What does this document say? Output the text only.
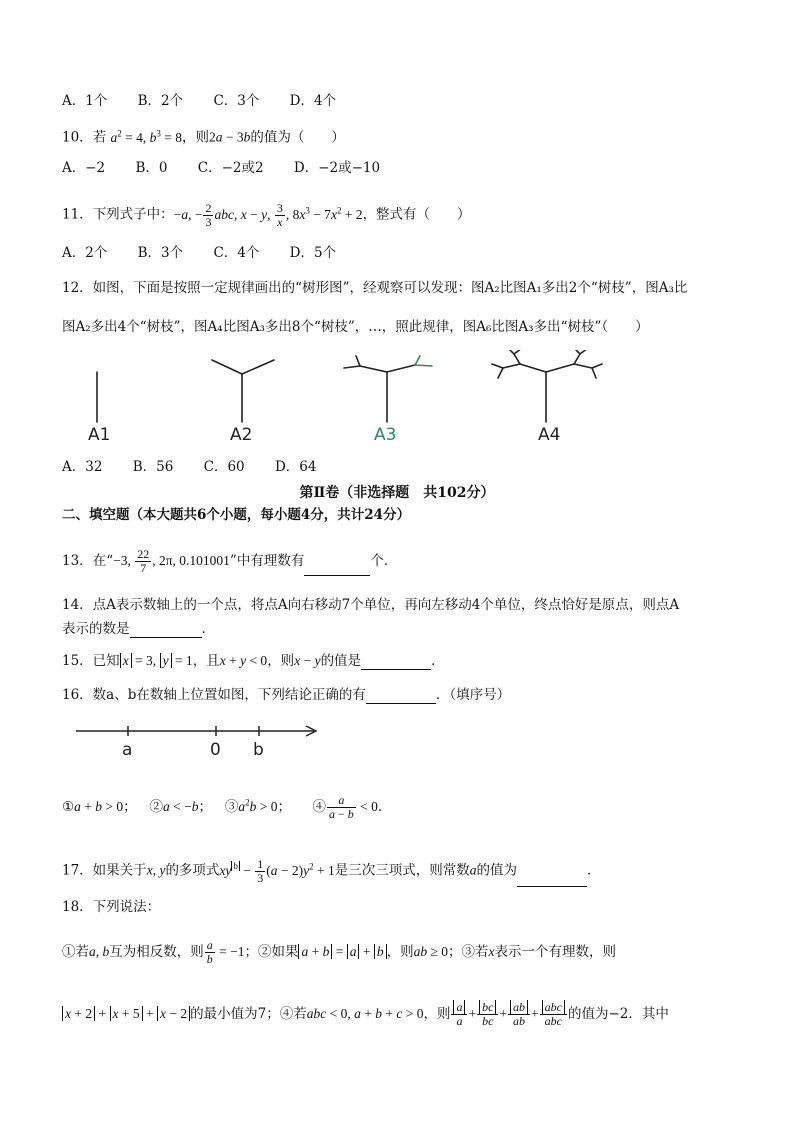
A．1个 B．2个 C．3个 D．4个
10．若 $a^2 = 4$, $b^3 = 8$，则2a − 3b的值为（　　）
A．−2 B．0 C．−2或2 D．−2或−10
11．下列式子中：−a, − $\frac{2}{3}$ abc, x − y, $\frac{3}{x}$ , $8x^3 - 7x^2 + 2$，整式有（　　）
A．2个 B．3个 C．4个 D．5个
12．如图，下面是按照一定规律画出的“树形图”，经观察可以发现：图A₂比图A₁多出2个“树枝”，图A₃比
图A₂多出4个“树枝”，图A₄比图A₃多出8个“树枝”，…，照此规律，图A₆比图A₃多出“树枝”（　　）
A1	A2	A3	A4
A．32 B．56 C．60 D．64
第Ⅱ卷（非选择题　共102分）
二、填空题（本大题共6个小题，每小题4分，共计24分）
13．在“−3, $\frac{22}{7}$ , 2π, 0.101001”中有理数有	个．
14．点A表示数轴上的一个点，将点A向右移动7个单位，再向左移动4个单位，终点恰好是原点，则点A
表示的数是	．
15．已知 x = 3, y = 1，且x + y < 0，则x − y的值是	．
16．数a、b在数轴上位置如图，下列结论正确的有	．（填序号）
a	0 b
①a + b > 0； ②a < −b； $③a^2b > 0$； ④ $\frac{a}{a - b} < 0$．
17．如果关于x, y的多项式xy $^b - \frac{1}{3} (a - 2)y^2 + 1$是三次三项式，则常数a的值为	．
18．下列说法：
①若a, b互为相反数，则 $\frac{a}{b} = -1$；②如果 a + b = a + b ，则ab ≥ 0；③若x表示一个有理数，则
x + 2 + x + 5 + x − 2 的最小值为7；④若abc < 0, a + b + c > 0，则 $\frac{a}{a} + \frac{bc}{bc} + \frac{ab}{ab} + \frac{\text{abc}}{\text{abc}}$ 的值为−2．其中
